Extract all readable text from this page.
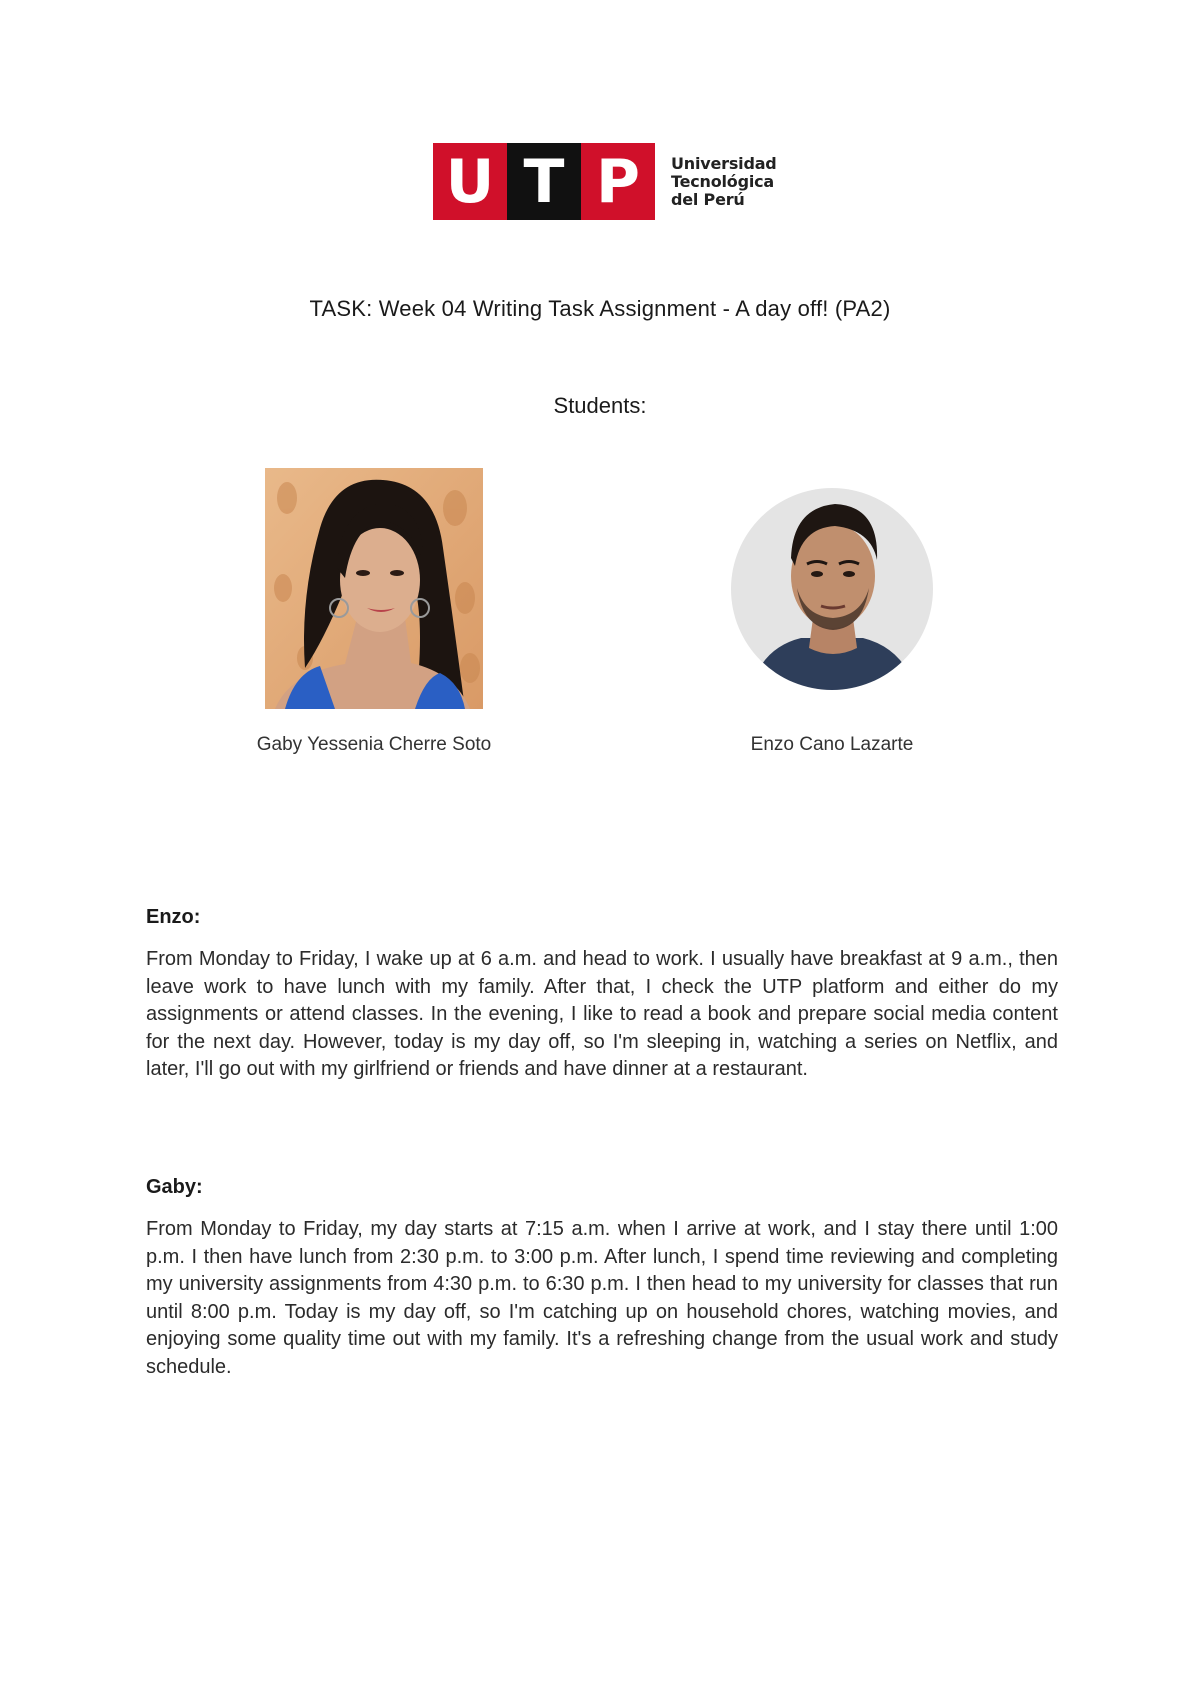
U T P	Universidad
Tecnológica
del Perú
TASK: Week 04 Writing Task Assignment - A day off! (PA2)
Students:
Gaby Yessenia Cherre Soto	Enzo Cano Lazarte
Enzo:

From Monday to Friday, I wake up at 6 a.m. and head to work. I usually have breakfast at 9 a.m., then leave work to have lunch with my family. After that, I check the UTP platform and either do my assignments or attend classes. In the evening, I like to read a book and prepare social media content for the next day. However, today is my day off, so I'm sleeping in, watching a series on Netflix, and later, I'll go out with my girlfriend or friends and have dinner at a restaurant.

Gaby:

From Monday to Friday, my day starts at 7:15 a.m. when I arrive at work, and I stay there until 1:00 p.m. I then have lunch from 2:30 p.m. to 3:00 p.m. After lunch, I spend time reviewing and completing my university assignments from 4:30 p.m. to 6:30 p.m. I then head to my university for classes that run until 8:00 p.m. Today is my day off, so I'm catching up on household chores, watching movies, and enjoying some quality time out with my family. It's a refreshing change from the usual work and study schedule.
